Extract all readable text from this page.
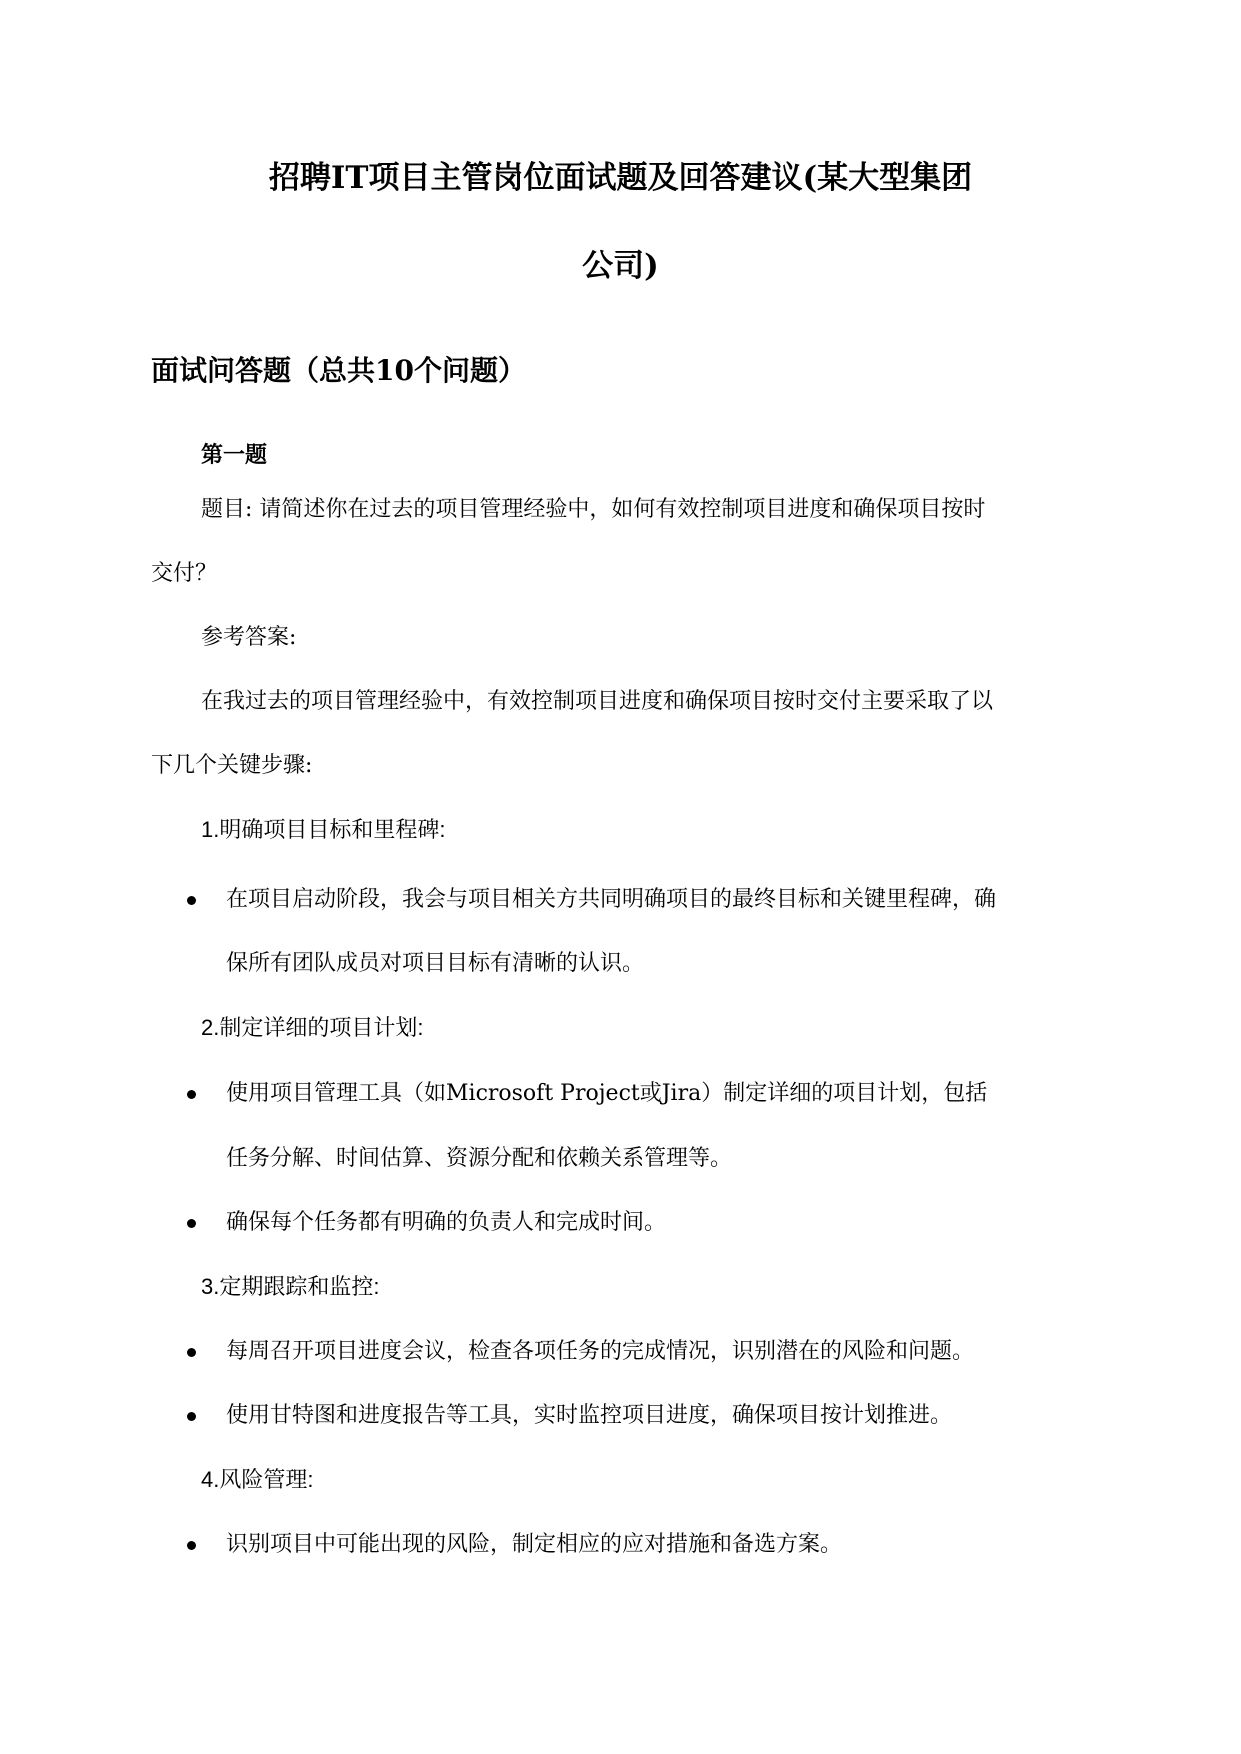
招聘IT项目主管岗位面试题及回答建议(某大型集团
公司)
面试问答题（总共10个问题）
第一题
题目: 请简述你在过去的项目管理经验中，如何有效控制项目进度和确保项目按时
交付？
参考答案:
在我过去的项目管理经验中，有效控制项目进度和确保项目按时交付主要采取了以
下几个关键步骤:
1.明确项目目标和里程碑:
在项目启动阶段，我会与项目相关方共同明确项目的最终目标和关键里程碑，确
保所有团队成员对项目目标有清晰的认识。
2.制定详细的项目计划:
使用项目管理工具（如Microsoft Project或Jira）制定详细的项目计划，包括
任务分解、时间估算、资源分配和依赖关系管理等。
确保每个任务都有明确的负责人和完成时间。
3.定期跟踪和监控:
每周召开项目进度会议，检查各项任务的完成情况，识别潜在的风险和问题。
使用甘特图和进度报告等工具，实时监控项目进度，确保项目按计划推进。
4.风险管理:
识别项目中可能出现的风险，制定相应的应对措施和备选方案。
